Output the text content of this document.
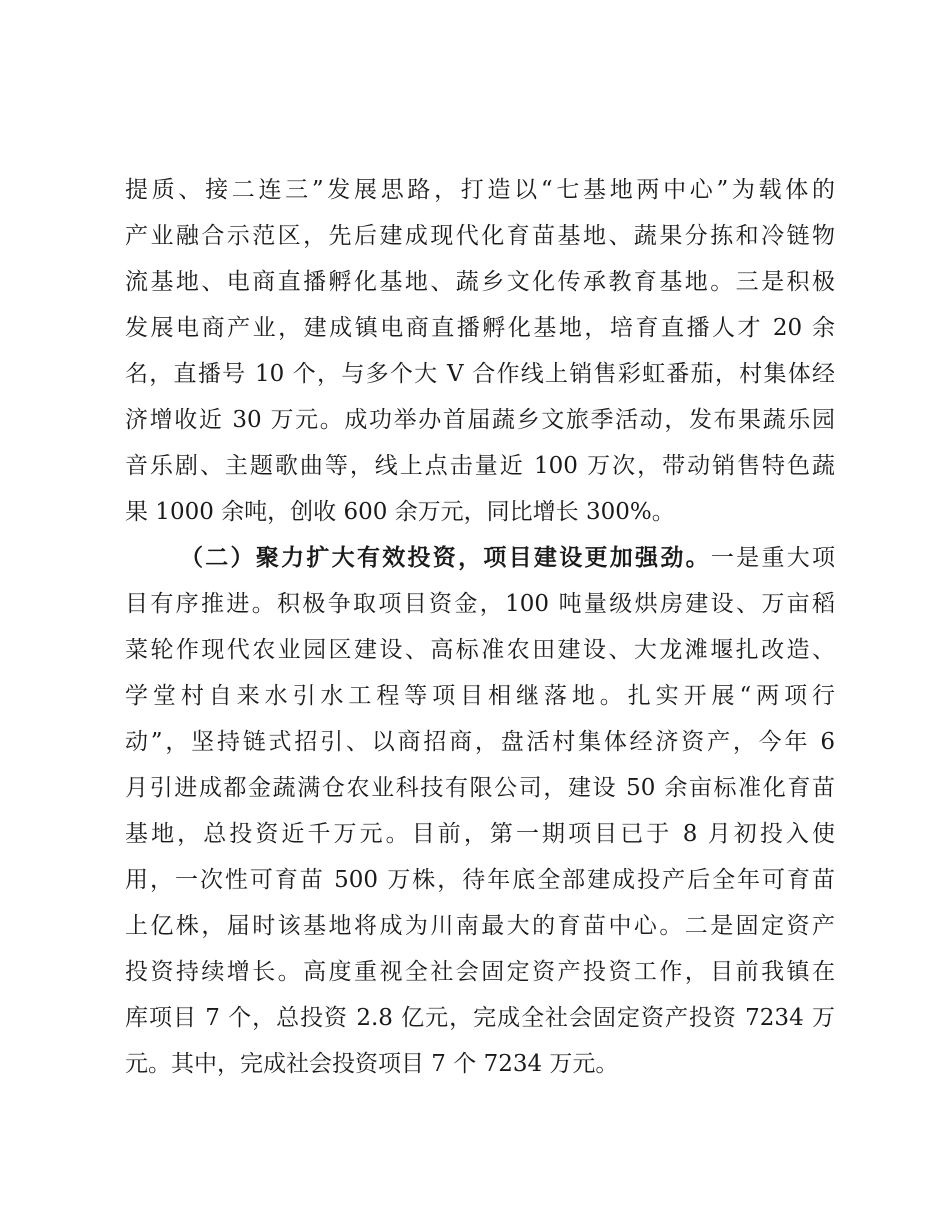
提质、接二连三”发展思路，打造以“七基地两中心”为载体的
产业融合示范区，先后建成现代化育苗基地、蔬果分拣和冷链物
流基地、电商直播孵化基地、蔬乡文化传承教育基地。三是积极
发展电商产业，建成镇电商直播孵化基地，培育直播人才 20 余
名，直播号 10 个，与多个大 V 合作线上销售彩虹番茄，村集体经
济增收近 30 万元。成功举办首届蔬乡文旅季活动，发布果蔬乐园
音乐剧、主题歌曲等，线上点击量近 100 万次，带动销售特色蔬
果 1000 余吨，创收 600 余万元，同比增长 300%。
（二）聚力扩大有效投资，项目建设更加强劲。一是重大项
目有序推进。积极争取项目资金，100 吨量级烘房建设、万亩稻
菜轮作现代农业园区建设、高标准农田建设、大龙滩堰扎改造、
学堂村自来水引水工程等项目相继落地。扎实开展“两项行
动”，坚持链式招引、以商招商，盘活村集体经济资产，今年 6
月引进成都金蔬满仓农业科技有限公司，建设 50 余亩标准化育苗
基地，总投资近千万元。目前，第一期项目已于 8 月初投入使
用，一次性可育苗 500 万株，待年底全部建成投产后全年可育苗
上亿株，届时该基地将成为川南最大的育苗中心。二是固定资产
投资持续增长。高度重视全社会固定资产投资工作，目前我镇在
库项目 7 个，总投资 2.8 亿元，完成全社会固定资产投资 7234 万
元。其中，完成社会投资项目 7 个 7234 万元。
